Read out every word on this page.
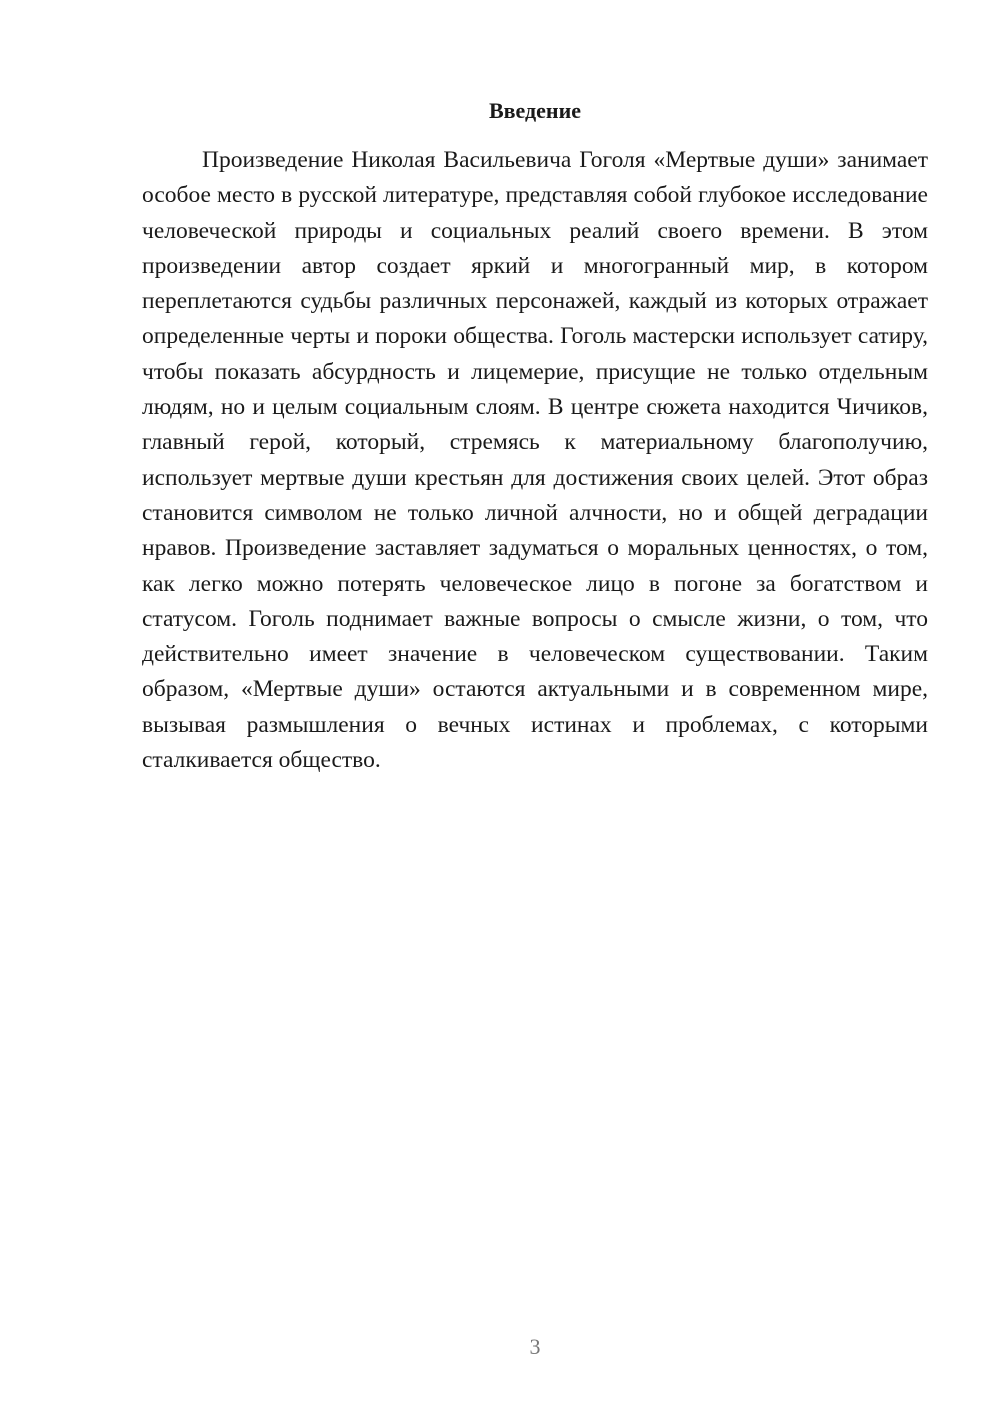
Введение

Произведение Николая Васильевича Гоголя «Мертвые души» занимает особое место в русской литературе, представляя собой глубокое исследование человеческой природы и социальных реалий своего времени. В этом произведении автор создает яркий и многогранный мир, в котором переплетаются судьбы различных персонажей, каждый из которых отражает определенные черты и пороки общества. Гоголь мастерски использует сатиру, чтобы показать абсурдность и лицемерие, присущие не только отдельным людям, но и целым социальным слоям. В центре сюжета находится Чичиков, главный герой, который, стремясь к материальному благополучию, использует мертвые души крестьян для достижения своих целей. Этот образ становится символом не только личной алчности, но и общей деградации нравов. Произведение заставляет задуматься о моральных ценностях, о том, как легко можно потерять человеческое лицо в погоне за богатством и статусом. Гоголь поднимает важные вопросы о смысле жизни, о том, что действительно имеет значение в человеческом существовании. Таким образом, «Мертвые души» остаются актуальными и в современном мире, вызывая размышления о вечных истинах и проблемах, с которыми сталкивается общество.

3
